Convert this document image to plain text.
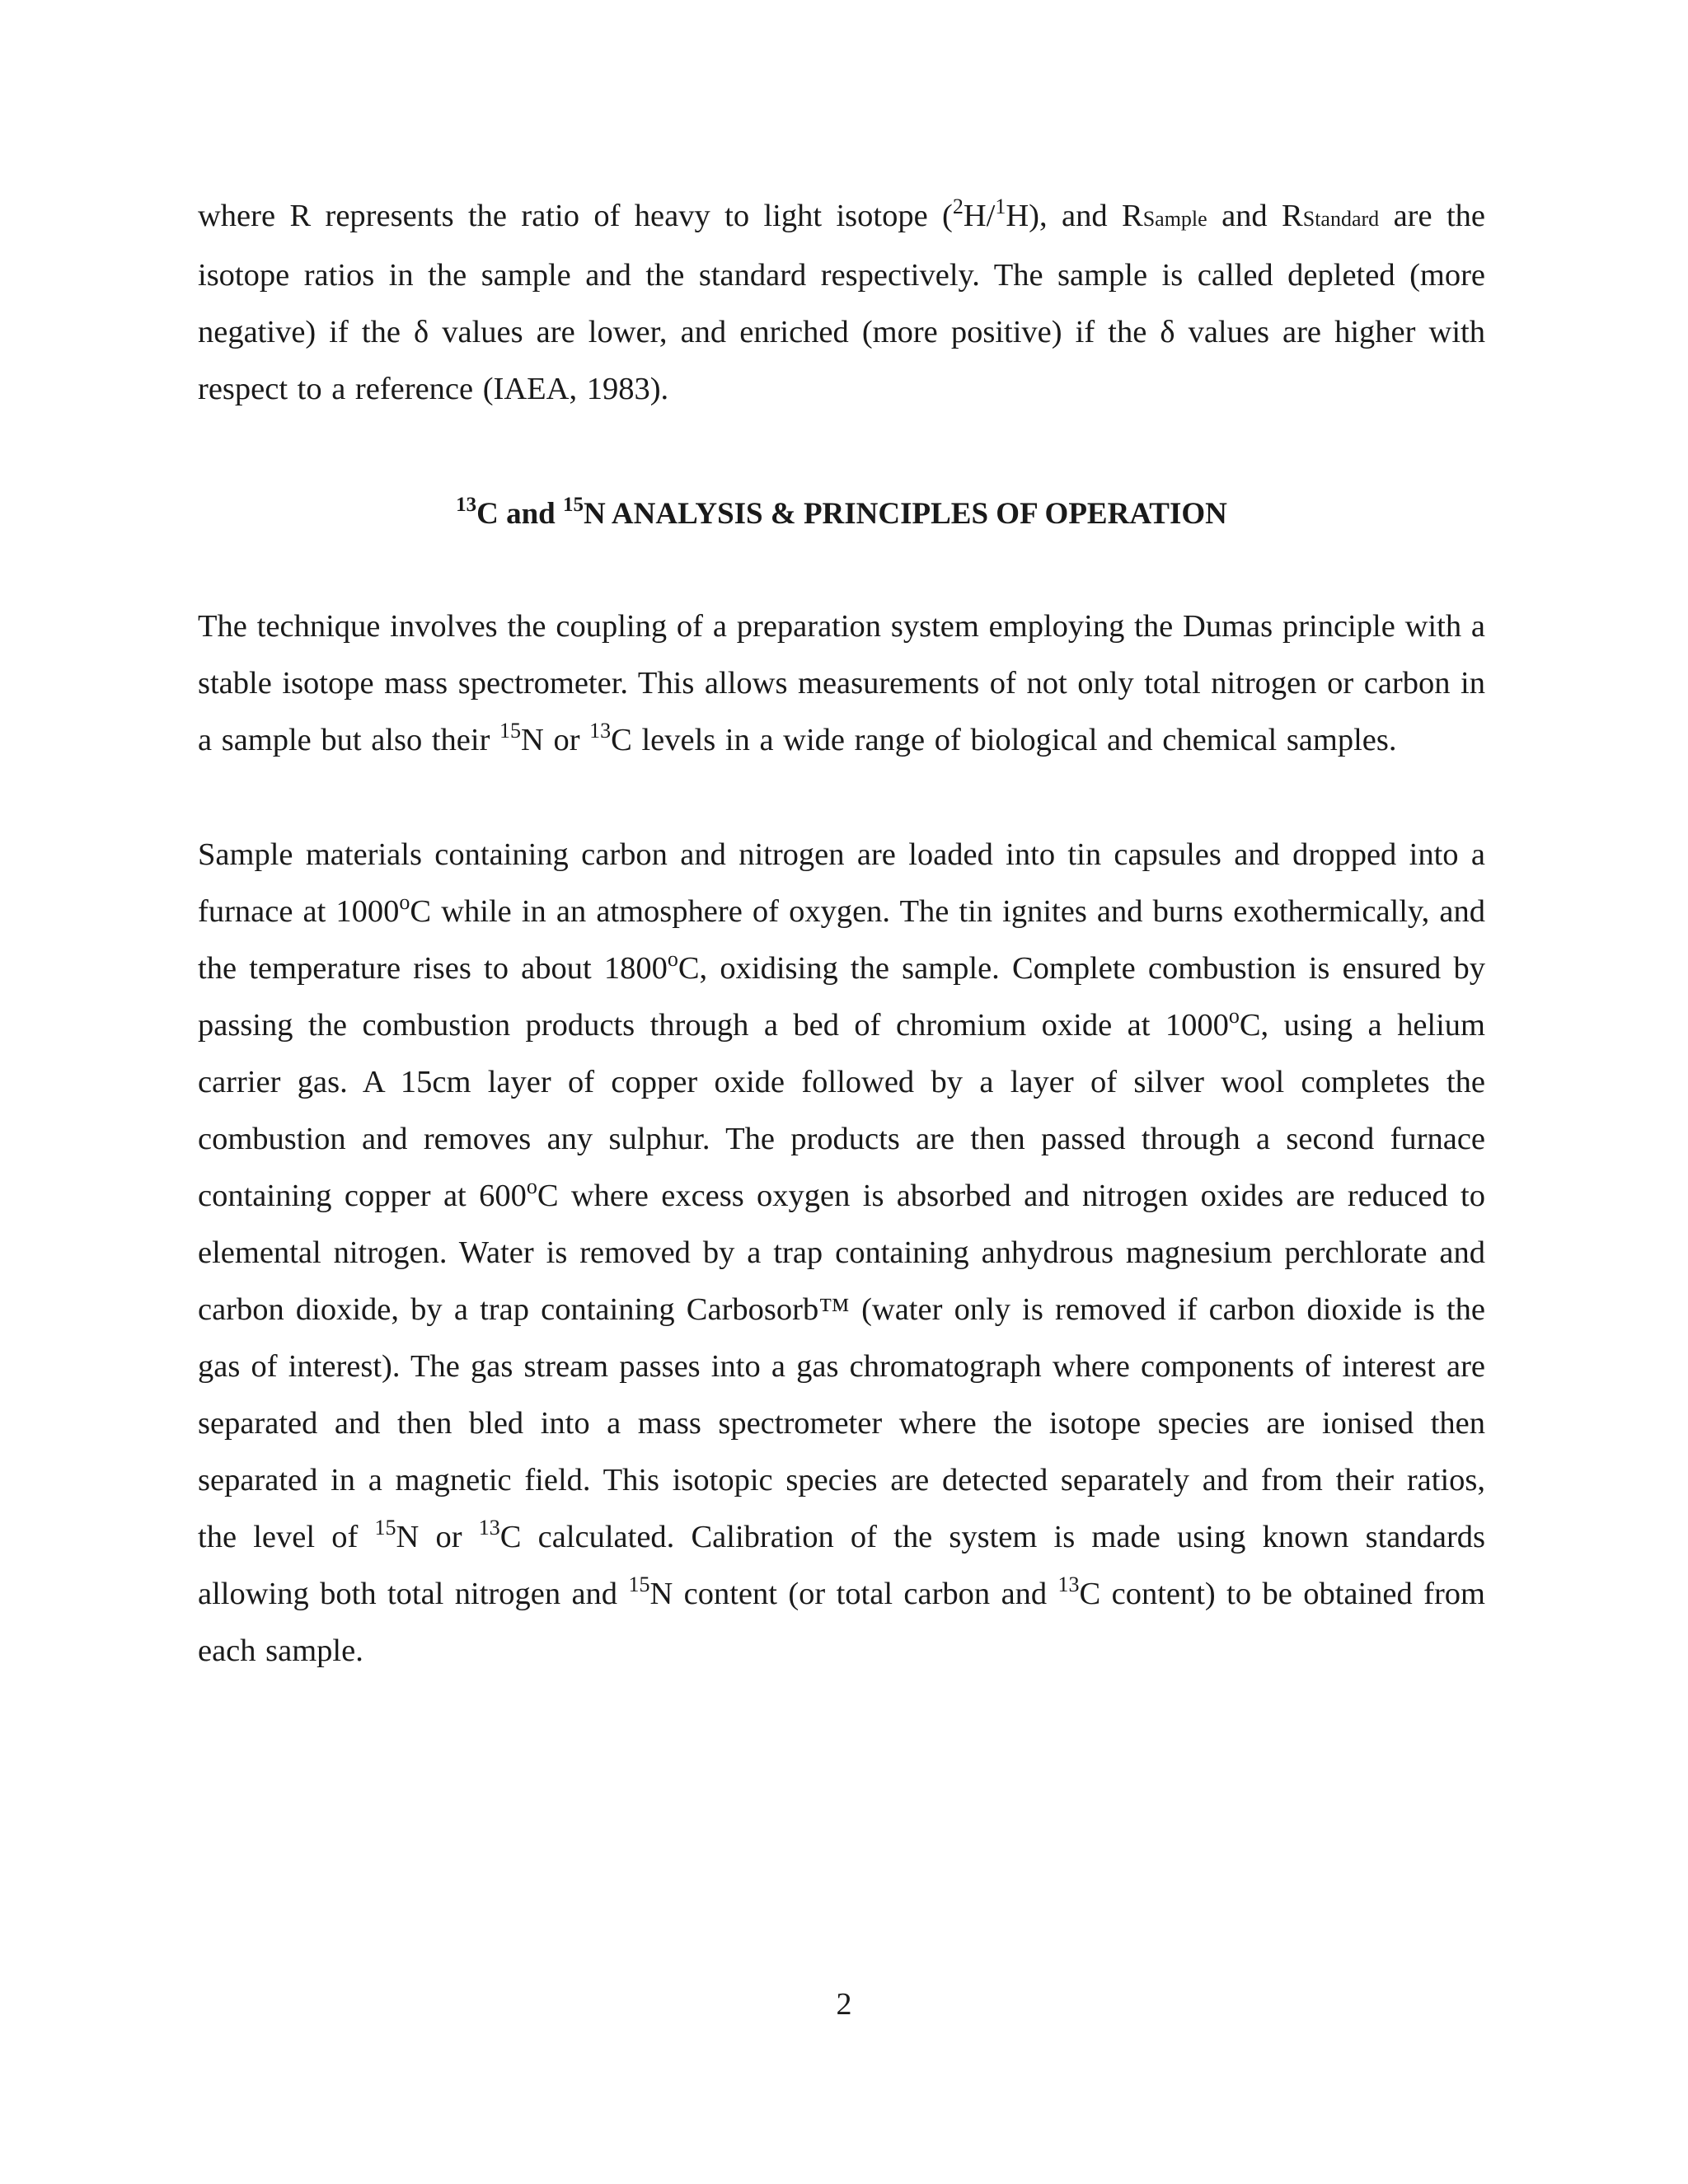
where R represents the ratio of heavy to light isotope ($^2$H/$^1$H), and RSample and RStandard are the isotope ratios in the sample and the standard respectively. The sample is called depleted (more negative) if the δ values are lower, and enriched (more positive) if the δ values are higher with respect to a reference (IAEA, 1983).

$^{13}$C and $^{15}$N ANALYSIS & PRINCIPLES OF OPERATION

The technique involves the coupling of a preparation system employing the Dumas principle with a stable isotope mass spectrometer. This allows measurements of not only total nitrogen or carbon in a sample but also their $^{15}$N or $^{13}$C levels in a wide range of biological and chemical samples.

Sample materials containing carbon and nitrogen are loaded into tin capsules and dropped into a furnace at 1000$^o$C while in an atmosphere of oxygen. The tin ignites and burns exothermically, and the temperature rises to about 1800$^o$C, oxidising the sample. Complete combustion is ensured by passing the combustion products through a bed of chromium oxide at 1000$^o$C, using a helium carrier gas. A 15cm layer of copper oxide followed by a layer of silver wool completes the combustion and removes any sulphur. The products are then passed through a second furnace containing copper at 600$^o$C where excess oxygen is absorbed and nitrogen oxides are reduced to elemental nitrogen. Water is removed by a trap containing anhydrous magnesium perchlorate and carbon dioxide, by a trap containing Carbosorb™ (water only is removed if carbon dioxide is the gas of interest). The gas stream passes into a gas chromatograph where components of interest are separated and then bled into a mass spectrometer where the isotope species are ionised then separated in a magnetic field. This isotopic species are detected separately and from their ratios, the level of $^{15}$N or $^{13}$C calculated. Calibration of the system is made using known standards allowing both total nitrogen and $^{15}$N content (or total carbon and $^{13}$C content) to be obtained from each sample.

2
